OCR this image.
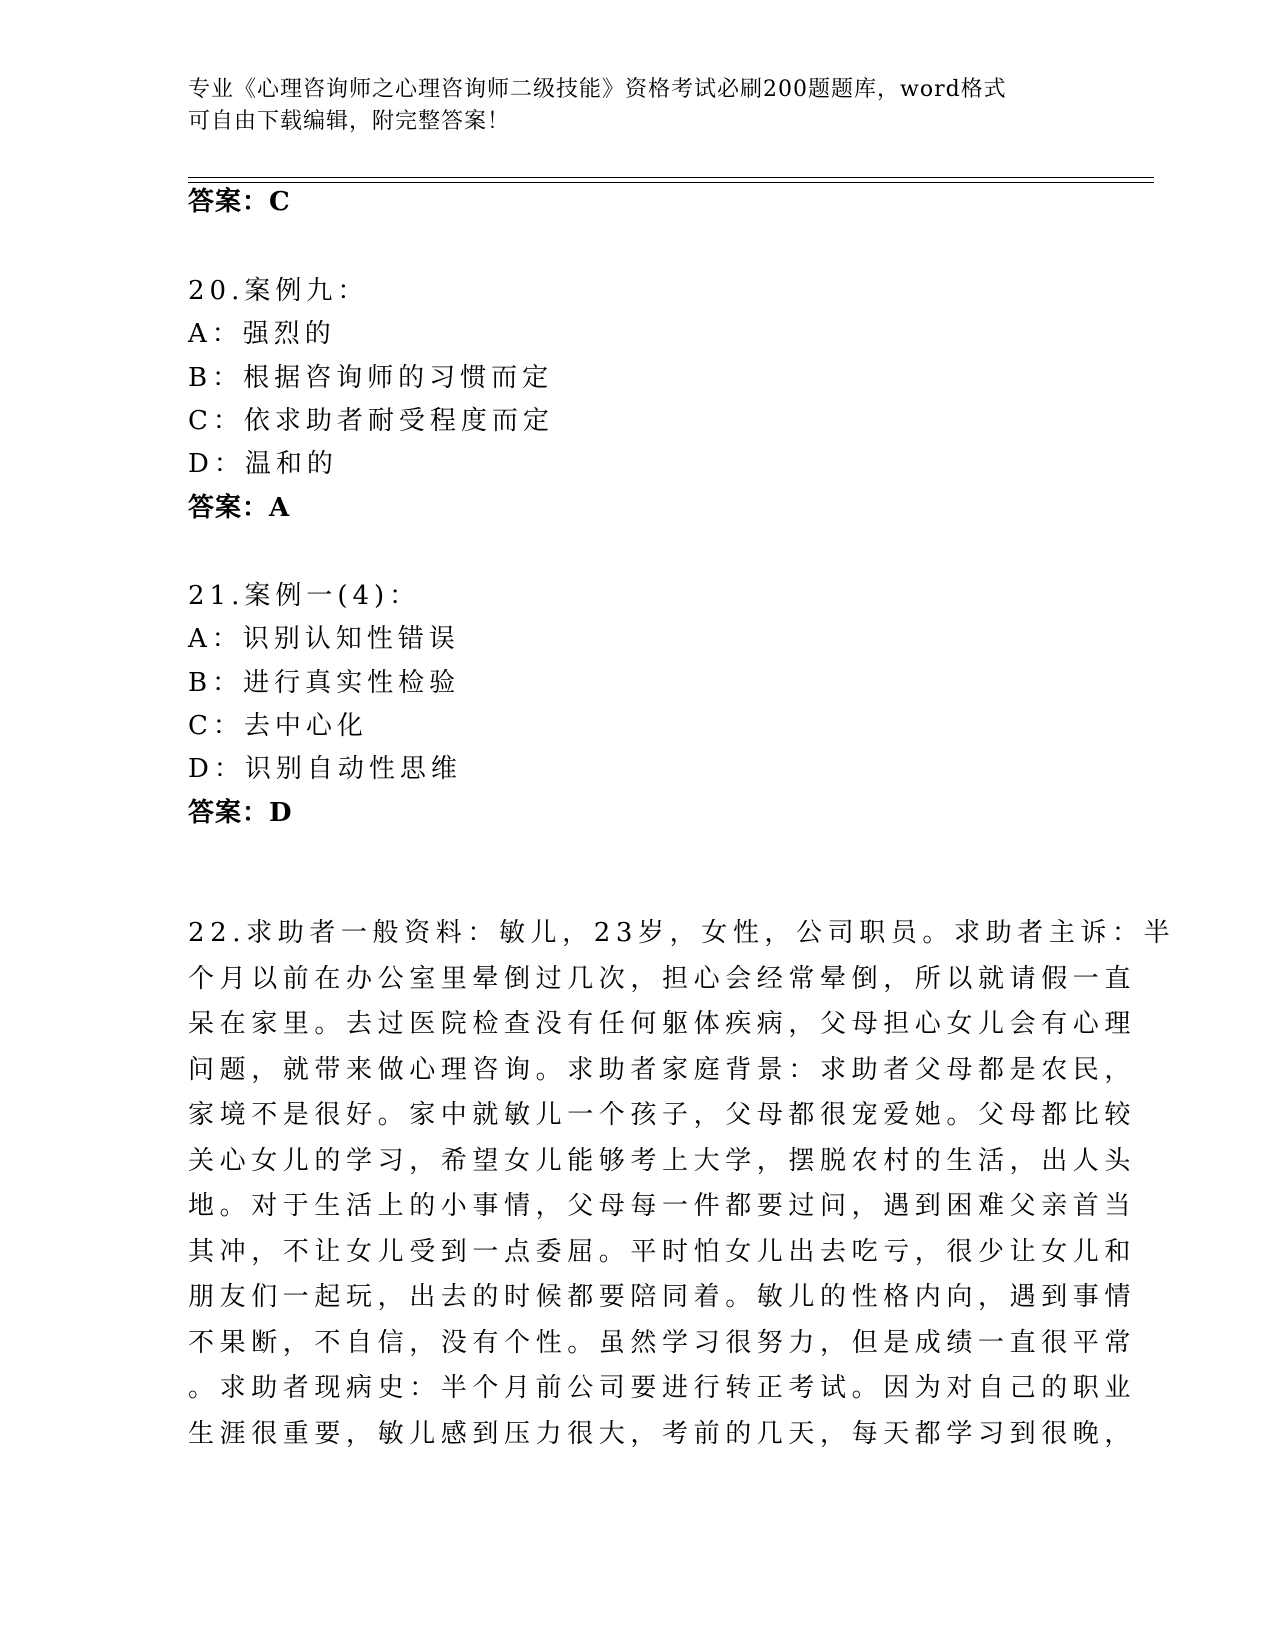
专业《心理咨询师之心理咨询师二级技能》资格考试必刷200题题库，word格式
可自由下载编辑，附完整答案！
答案：C
20.案例九：
A：强烈的
B：根据咨询师的习惯而定
C：依求助者耐受程度而定
D：温和的
答案：A
21.案例一(4)：
A：识别认知性错误
B：进行真实性检验
C：去中心化
D：识别自动性思维
答案：D
22.求助者一般资料：敏儿，23岁，女性，公司职员。求助者主诉：半
个月以前在办公室里晕倒过几次，担心会经常晕倒，所以就请假一直
呆在家里。去过医院检查没有任何躯体疾病，父母担心女儿会有心理
问题，就带来做心理咨询。求助者家庭背景：求助者父母都是农民，
家境不是很好。家中就敏儿一个孩子，父母都很宠爱她。父母都比较
关心女儿的学习，希望女儿能够考上大学，摆脱农村的生活，出人头
地。对于生活上的小事情，父母每一件都要过问，遇到困难父亲首当
其冲，不让女儿受到一点委屈。平时怕女儿出去吃亏，很少让女儿和
朋友们一起玩，出去的时候都要陪同着。敏儿的性格内向，遇到事情
不果断，不自信，没有个性。虽然学习很努力，但是成绩一直很平常
。求助者现病史：半个月前公司要进行转正考试。因为对自己的职业
生涯很重要，敏儿感到压力很大，考前的几天，每天都学习到很晚，
